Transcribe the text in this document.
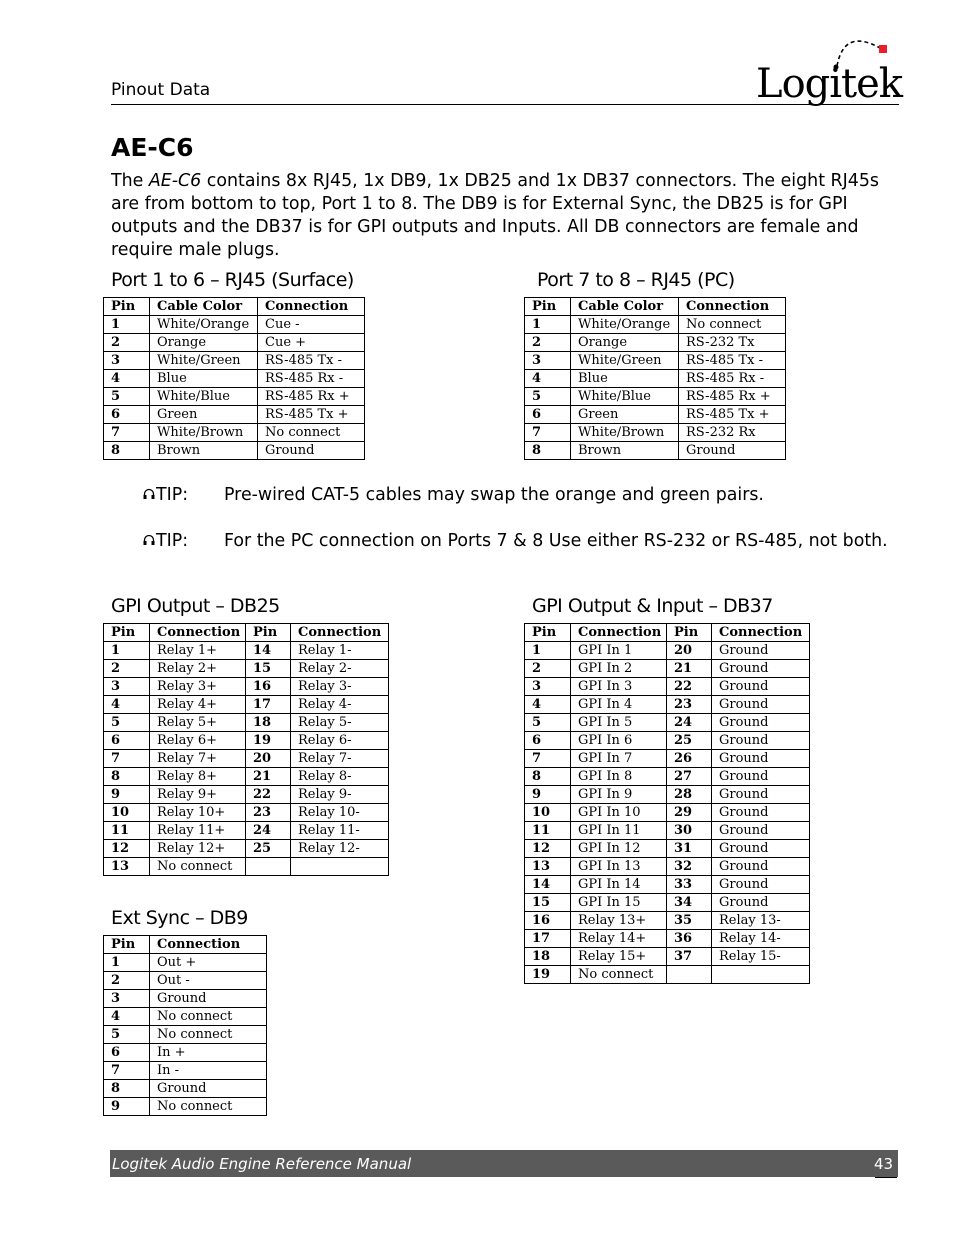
Pinout Data	Logitek
AE-C6
The AE-C6 contains 8x RJ45, 1x DB9, 1x DB25 and 1x DB37 connectors. The eight RJ45s are from bottom to top, Port 1 to 8. The DB9 is for External Sync, the DB25 is for GPI outputs and the DB37 is for GPI outputs and Inputs. All DB connectors are female and require male plugs.
Port 1 to 6 – RJ45 (Surface)
Pin	Cable Color	Connection
1	White/Orange	Cue -
2	Orange	Cue +
3	White/Green	RS-485 Tx -
4	Blue	RS-485 Rx -
5	White/Blue	RS-485 Rx +
6	Green	RS-485 Tx +
7	White/Brown	No connect
8	Brown	Ground
Port 7 to 8 – RJ45 (PC)
Pin	Cable Color	Connection
1	White/Orange	No connect
2	Orange	RS-232 Tx
3	White/Green	RS-485 Tx -
4	Blue	RS-485 Rx -
5	White/Blue	RS-485 Rx +
6	Green	RS-485 Tx +
7	White/Brown	RS-232 Rx
8	Brown	Ground
TIP: Pre-wired CAT-5 cables may swap the orange and green pairs.
TIP: For the PC connection on Ports 7 & 8 Use either RS-232 or RS-485, not both.
GPI Output – DB25
Pin	Connection	Pin	Connection
1	Relay 1+	14	Relay 1-
2	Relay 2+	15	Relay 2-
3	Relay 3+	16	Relay 3-
4	Relay 4+	17	Relay 4-
5	Relay 5+	18	Relay 5-
6	Relay 6+	19	Relay 6-
7	Relay 7+	20	Relay 7-
8	Relay 8+	21	Relay 8-
9	Relay 9+	22	Relay 9-
10	Relay 10+	23	Relay 10-
11	Relay 11+	24	Relay 11-
12	Relay 12+	25	Relay 12-
13	No connect		
GPI Output & Input – DB37
Pin	Connection	Pin	Connection
1	GPI In 1	20	Ground
2	GPI In 2	21	Ground
3	GPI In 3	22	Ground
4	GPI In 4	23	Ground
5	GPI In 5	24	Ground
6	GPI In 6	25	Ground
7	GPI In 7	26	Ground
8	GPI In 8	27	Ground
9	GPI In 9	28	Ground
10	GPI In 10	29	Ground
11	GPI In 11	30	Ground
12	GPI In 12	31	Ground
13	GPI In 13	32	Ground
14	GPI In 14	33	Ground
15	GPI In 15	34	Ground
16	Relay 13+	35	Relay 13-
17	Relay 14+	36	Relay 14-
18	Relay 15+	37	Relay 15-
19	No connect		
Ext Sync – DB9
Pin	Connection
1	Out +
2	Out -
3	Ground
4	No connect
5	No connect
6	In +
7	In -
8	Ground
9	No connect
Logitek Audio Engine Reference Manual	43
